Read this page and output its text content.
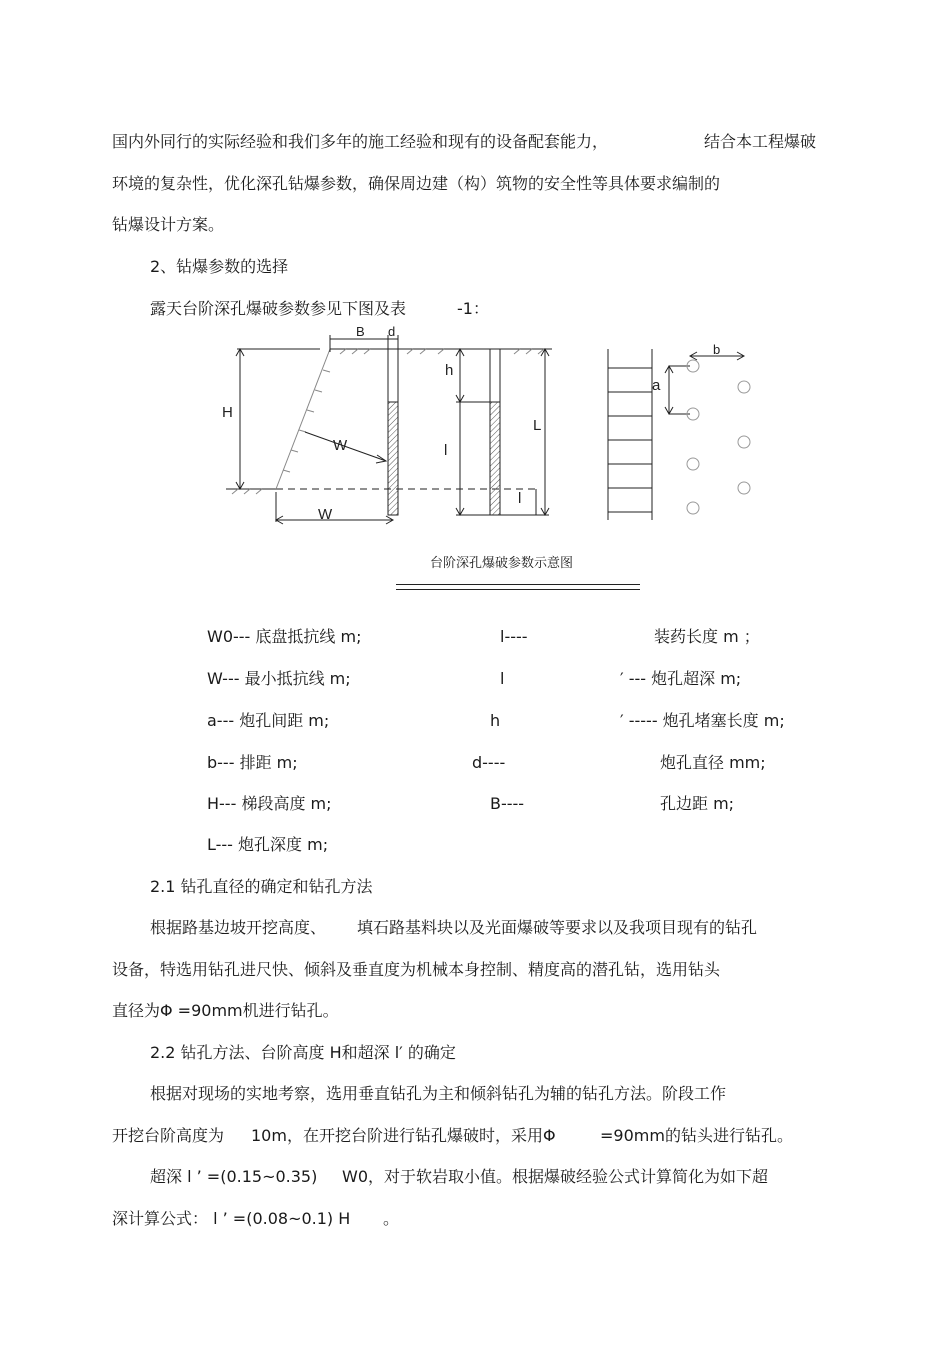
国内外同行的实际经验和我们多年的施工经验和现有的设备配套能力，	结合本工程爆破
环境的复杂性，优化深孔钻爆参数，确保周边建（构）筑物的安全性等具体要求编制的
钻爆设计方案。
2、钻爆参数的选择
露天台阶深孔爆破参数参见下图及表	-1：
B d
H
h
W
L
l
l
W
b
a
台阶深孔爆破参数示意图
W0--- 底盘抵抗线 m;	l----	装药长度 m ；
W--- 最小抵抗线 m;	l	′ --- 炮孔超深 m;
a--- 炮孔间距 m;	h	′ ----- 炮孔堵塞长度 m;
b--- 排距 m;	d----	炮孔直径 mm;
H--- 梯段高度 m;	B----	孔边距 m;
L--- 炮孔深度 m;
2.1 钻孔直径的确定和钻孔方法
根据路基边坡开挖高度、 填石路基料块以及光面爆破等要求以及我项目现有的钻孔
设备，特选用钻孔进尺快、倾斜及垂直度为机械本身控制、精度高的潜孔钻，选用钻头
直径为Φ =90mm机进行钻孔。
2.2 钻孔方法、台阶高度 H和超深 l′ 的确定
根据对现场的实地考察，选用垂直钻孔为主和倾斜钻孔为辅的钻孔方法。阶段工作
开挖台阶高度为 10m，在开挖台阶进行钻孔爆破时，采用Φ	=90mm的钻头进行钻孔。
超深 l ’ =(0.15~0.35) W0，对于软岩取小值。根据爆破经验公式计算简化为如下超
深计算公式： l ’ =(0.08~0.1) H 。
